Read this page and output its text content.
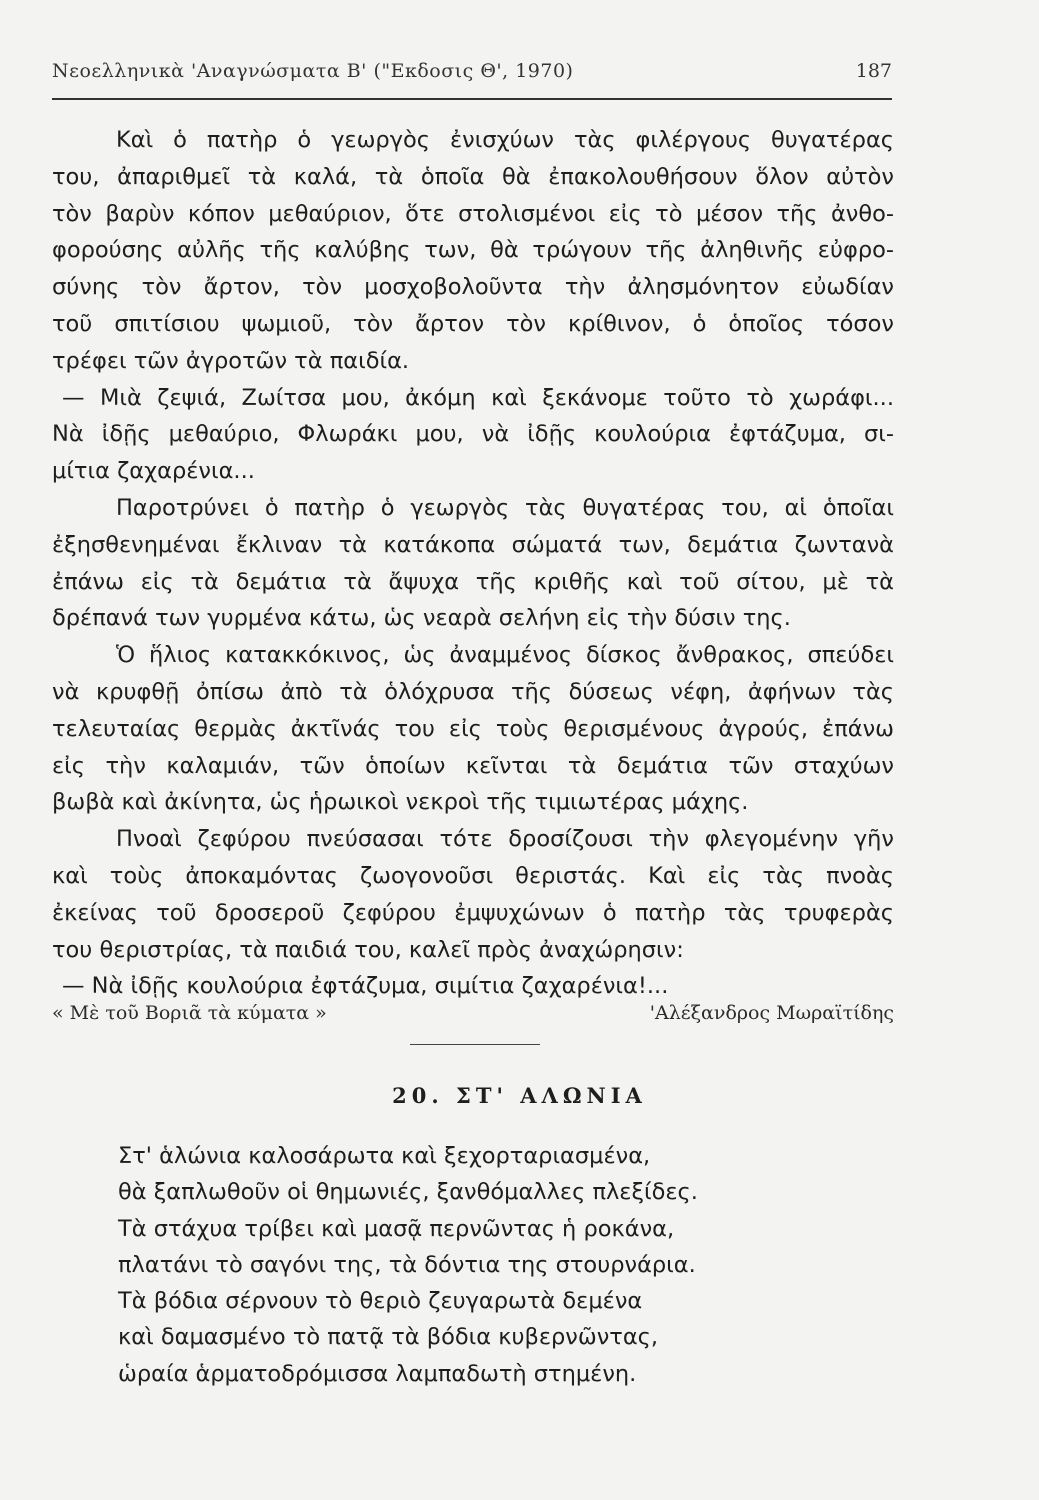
Νεοελληνικὰ 'Αναγνώσματα Β' ("Εκδοσις Θ', 1970)	187
Καὶ ὁ πατὴρ ὁ γεωργὸς ἐνισχύων τὰς φιλέργους θυγατέρας
του, ἀπαριθμεῖ τὰ καλά, τὰ ὁποῖα θὰ ἐπακολουθήσουν ὅλον αὐτὸν
τὸν βαρὺν κόπον μεθαύριον, ὅτε στολισμένοι εἰς τὸ μέσον τῆς ἀνθο-
φορούσης αὐλῆς τῆς καλύβης των, θὰ τρώγουν τῆς ἀληθινῆς εὐφρο-
σύνης τὸν ἄρτον, τὸν μοσχοβολοῦντα τὴν ἀλησμόνητον εὐωδίαν
τοῦ σπιτίσιου ψωμιοῦ, τὸν ἄρτον τὸν κρίθινον, ὁ ὁποῖος τόσον
τρέφει τῶν ἀγροτῶν τὰ παιδία.
— Μιὰ ζεψιά, Ζωίτσα μου, ἀκόμη καὶ ξεκάνομε τοῦτο τὸ χωράφι...
Νὰ ἰδῇς μεθαύριο, Φλωράκι μου, νὰ ἰδῇς κουλούρια ἐφτάζυμα, σι-
μίτια ζαχαρένια...
Παροτρύνει ὁ πατὴρ ὁ γεωργὸς τὰς θυγατέρας του, αἱ ὁποῖαι
ἐξησθενημέναι ἔκλιναν τὰ κατάκοπα σώματά των, δεμάτια ζωντανὰ
ἐπάνω εἰς τὰ δεμάτια τὰ ἄψυχα τῆς κριθῆς καὶ τοῦ σίτου, μὲ τὰ
δρέπανά των γυρμένα κάτω, ὡς νεαρὰ σελήνη εἰς τὴν δύσιν της.
Ὁ ἥλιος κατακκόκινος, ὡς ἀναμμένος δίσκος ἄνθρακος, σπεύδει
νὰ κρυφθῇ ὀπίσω ἀπὸ τὰ ὁλόχρυσα τῆς δύσεως νέφη, ἀφήνων τὰς
τελευταίας θερμὰς ἀκτῖνάς του εἰς τοὺς θερισμένους ἀγρούς, ἐπάνω
εἰς τὴν καλαμιάν, τῶν ὁποίων κεῖνται τὰ δεμάτια τῶν σταχύων
βωβὰ καὶ ἀκίνητα, ὡς ἡρωικοὶ νεκροὶ τῆς τιμιωτέρας μάχης.
Πνοαὶ ζεφύρου πνεύσασαι τότε δροσίζουσι τὴν φλεγομένην γῆν
καὶ τοὺς ἀποκαμόντας ζωογονοῦσι θεριστάς. Καὶ εἰς τὰς πνοὰς
ἐκείνας τοῦ δροσεροῦ ζεφύρου ἐμψυχώνων ὁ πατὴρ τὰς τρυφερὰς
του θεριστρίας, τὰ παιδιά του, καλεῖ πρὸς ἀναχώρησιν:
— Νὰ ἰδῇς κουλούρια ἐφτάζυμα, σιμίτια ζαχαρένια!...
« Μὲ τοῦ Βοριᾶ τὰ κύματα »	'Αλέξανδρος Μωραϊτίδης
20. ΣΤ' ΑΛΩΝΙΑ
Στ' ἁλώνια καλοσάρωτα καὶ ξεχορταριασμένα,
θὰ ξαπλωθοῦν οἱ θημωνιές, ξανθόμαλλες πλεξίδες.
Τὰ στάχυα τρίβει καὶ μασᾷ περνῶντας ἡ ροκάνα,
πλατάνι τὸ σαγόνι της, τὰ δόντια της στουρνάρια.
Τὰ βόδια σέρνουν τὸ θεριὸ ζευγαρωτὰ δεμένα
καὶ δαμασμένο τὸ πατᾷ τὰ βόδια κυβερνῶντας,
ὡραία ἁρματοδρόμισσα λαμπαδωτὴ στημένη.
